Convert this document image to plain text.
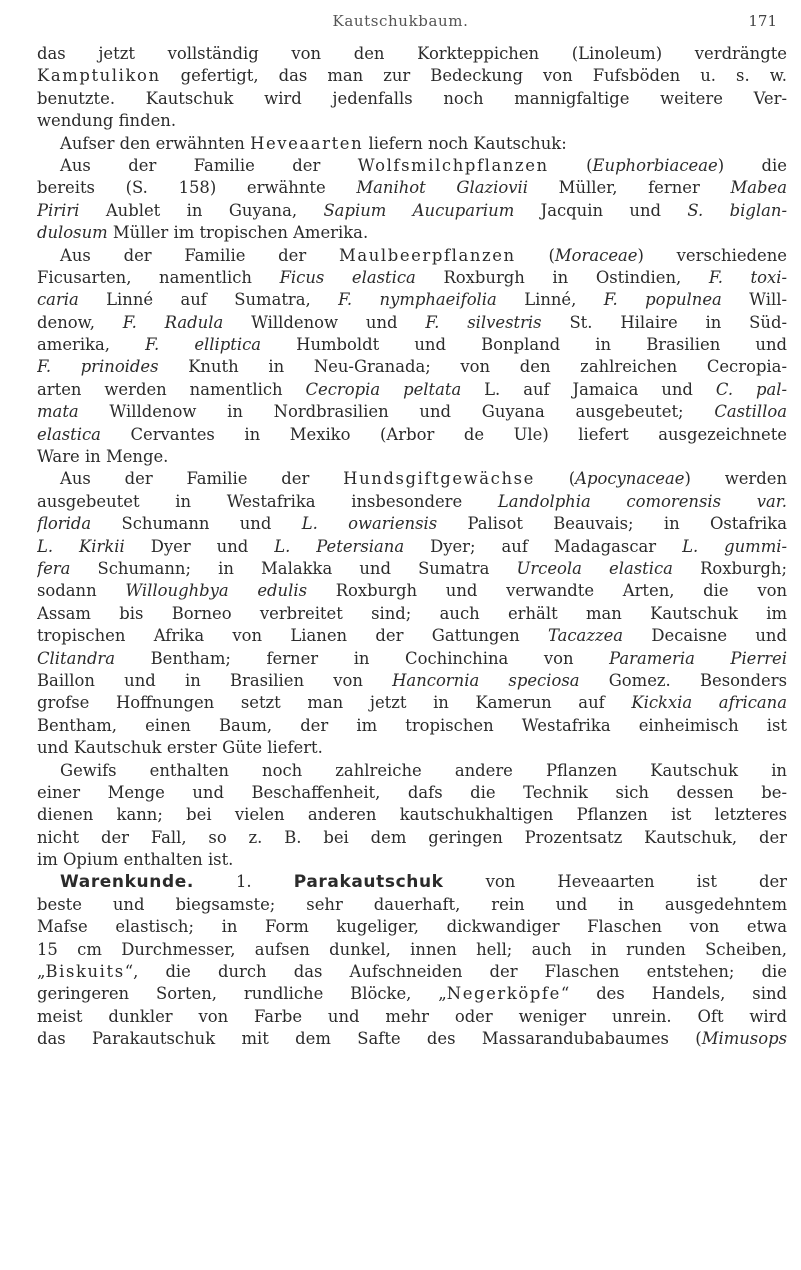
Kautschukbaum.	171
das jetzt vollständig von den Korkteppichen (Linoleum) verdrängte
Kamptulikon gefertigt, das man zur Bedeckung von Fufsböden u. s. w.
benutzte. Kautschuk wird jedenfalls noch mannigfaltige weitere Ver-
wendung finden.
Aufser den erwähnten Heveaarten liefern noch Kautschuk:
Aus der Familie der Wolfsmilchpflanzen (Euphorbiaceae) die
bereits (S. 158) erwähnte Manihot Glaziovii Müller, ferner Mabea
Piriri Aublet in Guyana, Sapium Aucuparium Jacquin und S. biglan-
dulosum Müller im tropischen Amerika.
Aus der Familie der Maulbeerpflanzen (Moraceae) verschiedene
Ficusarten, namentlich Ficus elastica Roxburgh in Ostindien, F. toxi-
caria Linné auf Sumatra, F. nymphaeifolia Linné, F. populnea Will-
denow, F. Radula Willdenow und F. silvestris St. Hilaire in Süd-
amerika, F. elliptica Humboldt und Bonpland in Brasilien und
F. prinoides Knuth in Neu-Granada; von den zahlreichen Cecropia-
arten werden namentlich Cecropia peltata L. auf Jamaica und C. pal-
mata Willdenow in Nordbrasilien und Guyana ausgebeutet; Castilloa
elastica Cervantes in Mexiko (Arbor de Ule) liefert ausgezeichnete
Ware in Menge.
Aus der Familie der Hundsgiftgewächse (Apocynaceae) werden
ausgebeutet in Westafrika insbesondere Landolphia comorensis var.
florida Schumann und L. owariensis Palisot Beauvais; in Ostafrika
L. Kirkii Dyer und L. Petersiana Dyer; auf Madagascar L. gummi-
fera Schumann; in Malakka und Sumatra Urceola elastica Roxburgh;
sodann Willoughbya edulis Roxburgh und verwandte Arten, die von
Assam bis Borneo verbreitet sind; auch erhält man Kautschuk im
tropischen Afrika von Lianen der Gattungen Tacazzea Decaisne und
Clitandra Bentham; ferner in Cochinchina von Parameria Pierrei
Baillon und in Brasilien von Hancornia speciosa Gomez. Besonders
grofse Hoffnungen setzt man jetzt in Kamerun auf Kickxia africana
Bentham, einen Baum, der im tropischen Westafrika einheimisch ist
und Kautschuk erster Güte liefert.
Gewifs enthalten noch zahlreiche andere Pflanzen Kautschuk in
einer Menge und Beschaffenheit, dafs die Technik sich dessen be-
dienen kann; bei vielen anderen kautschukhaltigen Pflanzen ist letzteres
nicht der Fall, so z. B. bei dem geringen Prozentsatz Kautschuk, der
im Opium enthalten ist.
Warenkunde. 1. Parakautschuk von Heveaarten ist der
beste und biegsamste; sehr dauerhaft, rein und in ausgedehntem
Mafse elastisch; in Form kugeliger, dickwandiger Flaschen von etwa
15 cm Durchmesser, aufsen dunkel, innen hell; auch in runden Scheiben,
„Biskuits“, die durch das Aufschneiden der Flaschen entstehen; die
geringeren Sorten, rundliche Blöcke, „Negerköpfe“ des Handels, sind
meist dunkler von Farbe und mehr oder weniger unrein. Oft wird
das Parakautschuk mit dem Safte des Massarandubabaumes (Mimusops
